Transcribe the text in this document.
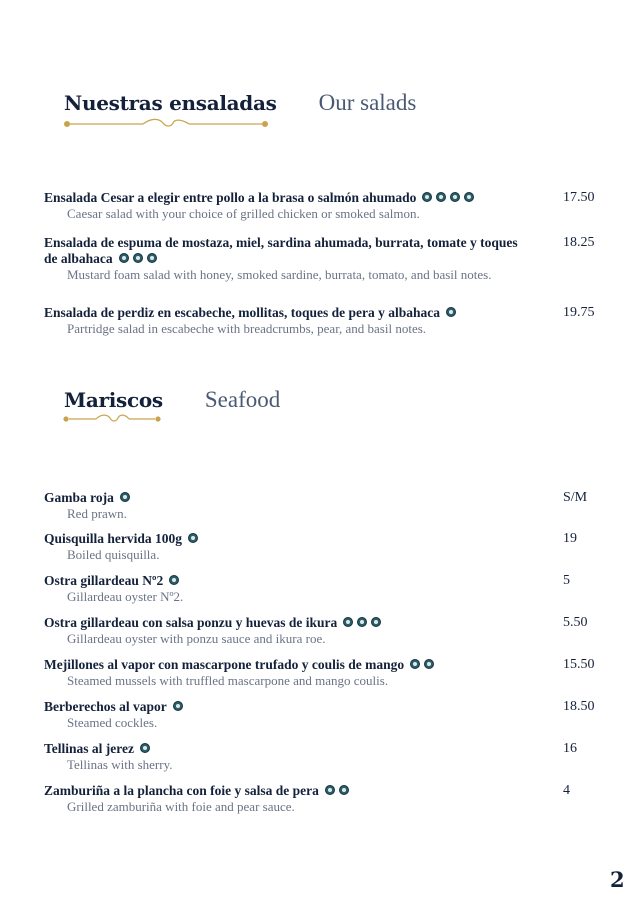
Nuestras ensaladas Our salads
Ensalada Cesar a elegir entre pollo a la brasa o salmón ahumado
Caesar salad with your choice of grilled chicken or smoked salmon.
17.50
Ensalada de espuma de mostaza, miel, sardina ahumada, burrata, tomate y toques de albahaca
Mustard foam salad with honey, smoked sardine, burrata, tomato, and basil notes.
18.25
Ensalada de perdiz en escabeche, mollitas, toques de pera y albahaca
Partridge salad in escabeche with breadcrumbs, pear, and basil notes.
19.75
Mariscos Seafood
Gamba roja
Red prawn.
S/M
Quisquilla hervida 100g
Boiled quisquilla.
19
Ostra gillardeau Nº2
Gillardeau oyster Nº2.
5
Ostra gillardeau con salsa ponzu y huevas de ikura
Gillardeau oyster with ponzu sauce and ikura roe.
5.50
Mejillones al vapor con mascarpone trufado y coulis de mango
Steamed mussels with truffled mascarpone and mango coulis.
15.50
Berberechos al vapor
Steamed cockles.
18.50
Tellinas al jerez
Tellinas with sherry.
16
Zamburiña a la plancha con foie y salsa de pera
Grilled zamburiña with foie and pear sauce.
4
2
